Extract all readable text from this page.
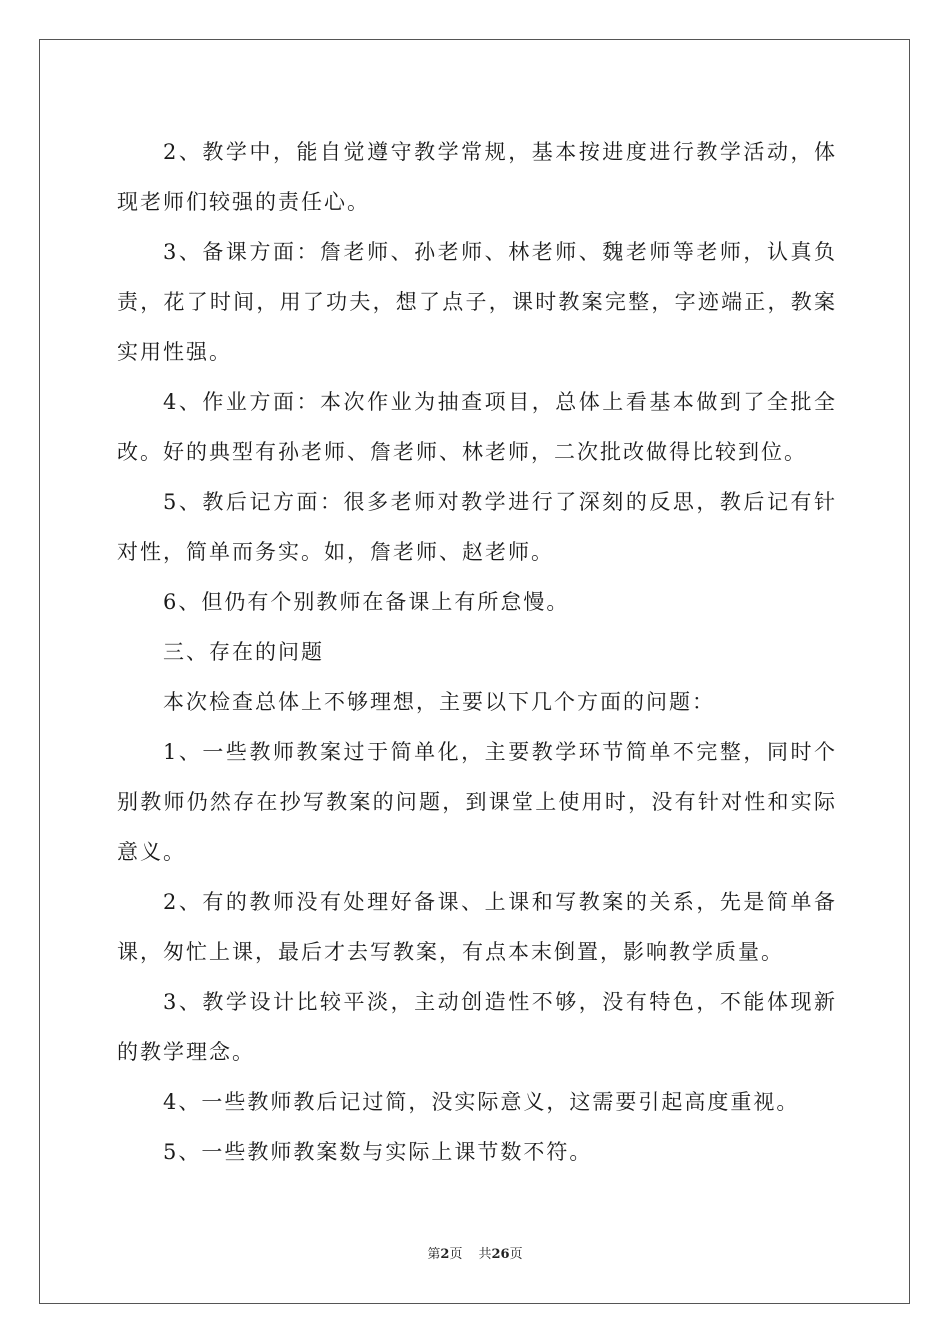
2、教学中，能自觉遵守教学常规，基本按进度进行教学活动，体现老师们较强的责任心。

3、备课方面：詹老师、孙老师、林老师、魏老师等老师，认真负责，花了时间，用了功夫，想了点子，课时教案完整，字迹端正，教案实用性强。

4、作业方面：本次作业为抽查项目，总体上看基本做到了全批全改。好的典型有孙老师、詹老师、林老师，二次批改做得比较到位。

5、教后记方面：很多老师对教学进行了深刻的反思，教后记有针对性，简单而务实。如，詹老师、赵老师。

6、但仍有个别教师在备课上有所怠慢。

三、存在的问题

本次检查总体上不够理想，主要以下几个方面的问题：

1、一些教师教案过于简单化，主要教学环节简单不完整，同时个别教师仍然存在抄写教案的问题，到课堂上使用时，没有针对性和实际意义。

2、有的教师没有处理好备课、上课和写教案的关系，先是简单备课，匆忙上课，最后才去写教案，有点本末倒置，影响教学质量。

3、教学设计比较平淡，主动创造性不够，没有特色，不能体现新的教学理念。

4、一些教师教后记过简，没实际意义，这需要引起高度重视。

5、一些教师教案数与实际上课节数不符。

第2页 共26页
